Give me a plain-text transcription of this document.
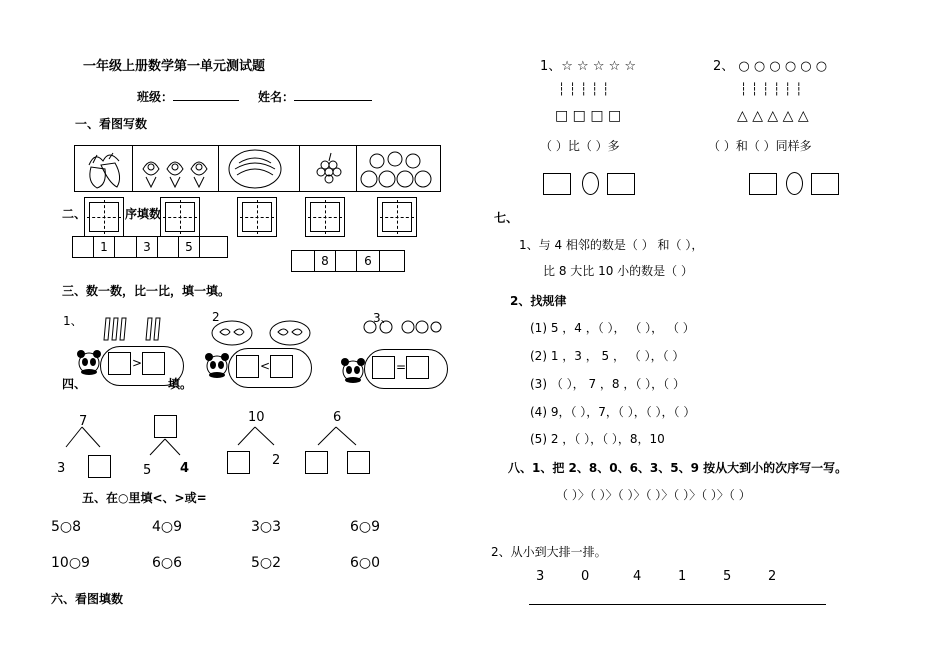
一年级上册数学第一单元测试题
班级：	姓名：
一、看图写数
二、	序填数
1	3	5
8	6
三、数一数，比一比，填一填。
1、
>
2
<
3、
=
四、	填。
7
3	5 4
10
2
6
五、在○里填<、>或=
5○8	4○9	3○3	6○9
10○9	6○6	5○2	6○0
六、看图填数
1、☆ ☆ ☆ ☆ ☆	2、 ○ ○ ○ ○ ○ ○
┆ ┆ ┆ ┆ ┆	┆ ┆ ┆ ┆ ┆ ┆
□ □ □ □	△ △ △ △ △
（ ）比（ ）多	（ ）和（ ）同样多
七、
1、与 4 相邻的数是（ ） 和（ ），
比 8 大比 10 小的数是（ ）
2、找规律
(1) 5 ，4 ，（ ）， （ ）， （ ）
(2) 1 ，3 ， 5 ， （ ），（ ）
(3) （ ）， 7 ，8 ，（ ），（ ）
(4) 9，（ ），7，（ ），（ ），（ ）
(5) 2 ，（ ），（ ），8，10
八、1、把 2、8、0、6、3、5、9 按从大到小的次序写一写。
（ ）〉（ ）〉（ ）〉（ ）〉（ ）〉（ ）〉（ ）
2、从小到大排一排。
3	0	4	1	5	2
